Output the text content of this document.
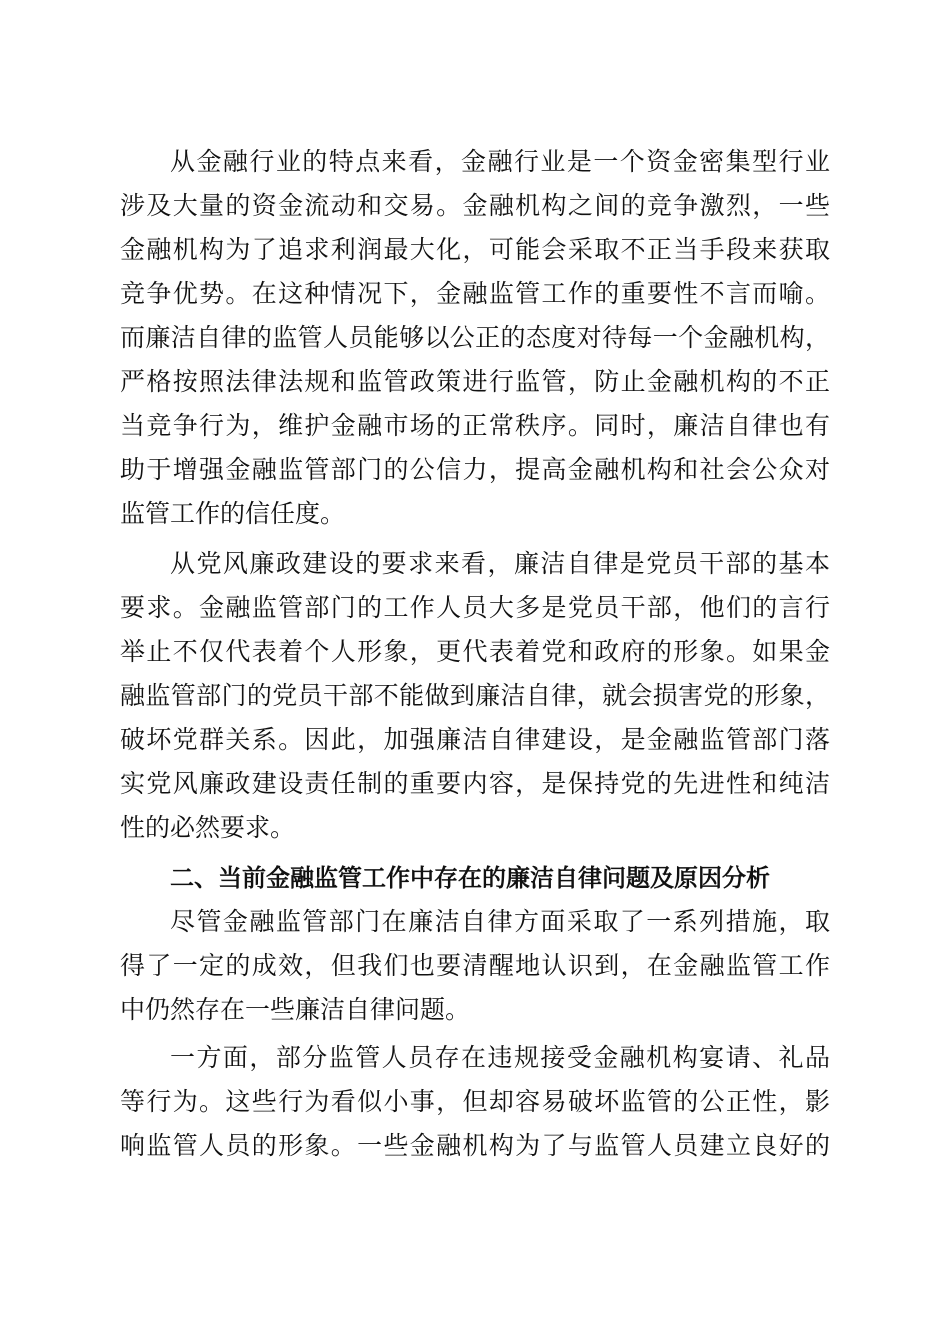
从金融行业的特点来看，金融行业是一个资金密集型行业
涉及大量的资金流动和交易。金融机构之间的竞争激烈，一些
金融机构为了追求利润最大化，可能会采取不正当手段来获取
竞争优势。在这种情况下，金融监管工作的重要性不言而喻。
而廉洁自律的监管人员能够以公正的态度对待每一个金融机构，
严格按照法律法规和监管政策进行监管，防止金融机构的不正
当竞争行为，维护金融市场的正常秩序。同时，廉洁自律也有
助于增强金融监管部门的公信力，提高金融机构和社会公众对
监管工作的信任度。
从党风廉政建设的要求来看，廉洁自律是党员干部的基本
要求。金融监管部门的工作人员大多是党员干部，他们的言行
举止不仅代表着个人形象，更代表着党和政府的形象。如果金
融监管部门的党员干部不能做到廉洁自律，就会损害党的形象，
破坏党群关系。因此，加强廉洁自律建设，是金融监管部门落
实党风廉政建设责任制的重要内容，是保持党的先进性和纯洁
性的必然要求。
二、当前金融监管工作中存在的廉洁自律问题及原因分析
尽管金融监管部门在廉洁自律方面采取了一系列措施，取
得了一定的成效，但我们也要清醒地认识到，在金融监管工作
中仍然存在一些廉洁自律问题。
一方面，部分监管人员存在违规接受金融机构宴请、礼品
等行为。这些行为看似小事，但却容易破坏监管的公正性，影
响监管人员的形象。一些金融机构为了与监管人员建立良好的
